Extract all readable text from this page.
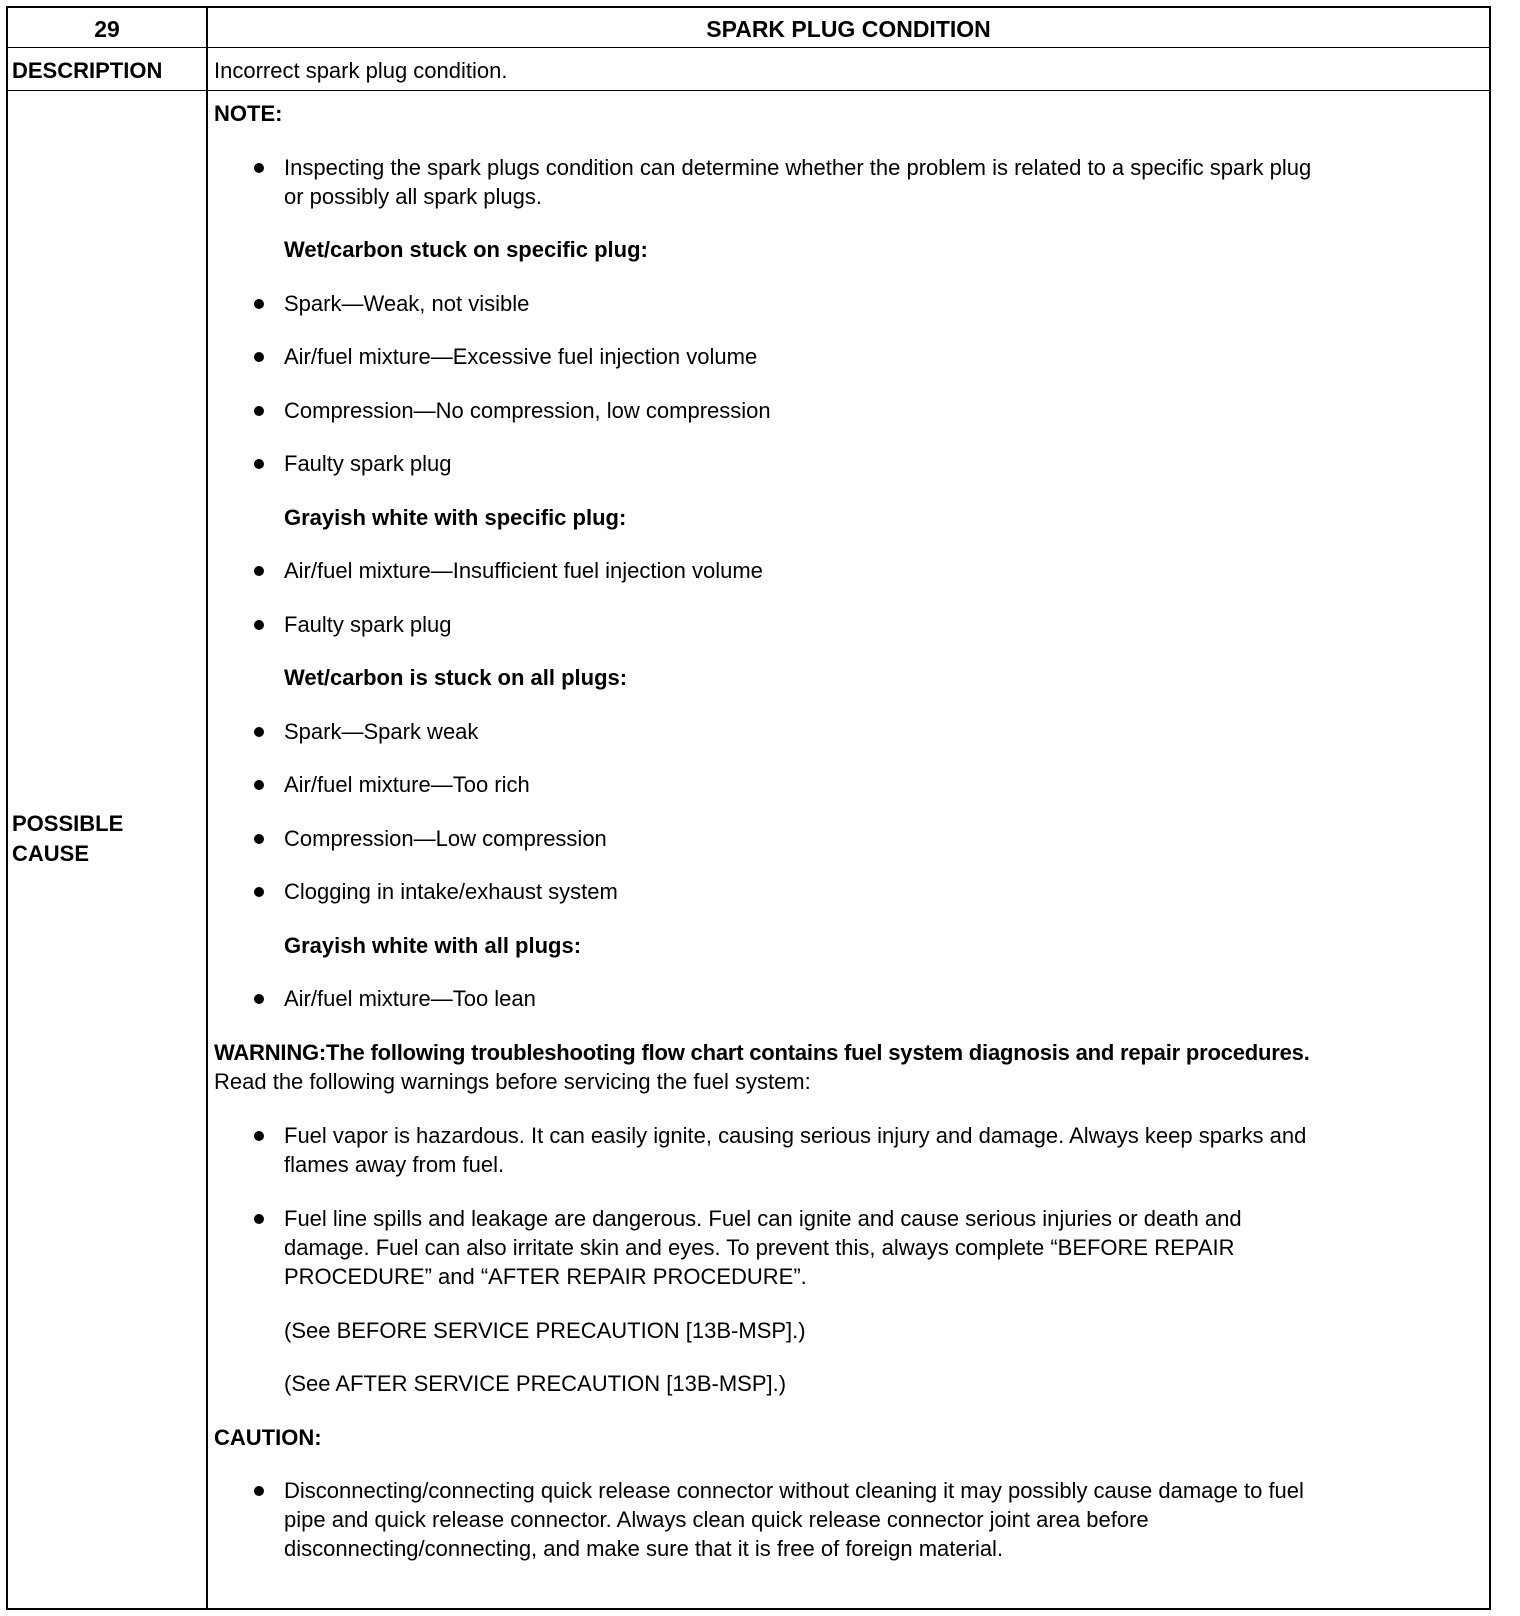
29	SPARK PLUG CONDITION
DESCRIPTION Incorrect spark plug condition.
POSSIBLE
CAUSE
NOTE:
Inspecting the spark plugs condition can determine whether the problem is related to a specific spark plug
or possibly all spark plugs.
Wet/carbon stuck on specific plug:
Spark—Weak, not visible
Air/fuel mixture—Excessive fuel injection volume
Compression—No compression, low compression
Faulty spark plug
Grayish white with specific plug:
Air/fuel mixture—Insufficient fuel injection volume
Faulty spark plug
Wet/carbon is stuck on all plugs:
Spark—Spark weak
Air/fuel mixture—Too rich
Compression—Low compression
Clogging in intake/exhaust system
Grayish white with all plugs:
Air/fuel mixture—Too lean
WARNING:The following troubleshooting flow chart contains fuel system diagnosis and repair procedures.
Read the following warnings before servicing the fuel system:
Fuel vapor is hazardous. It can easily ignite, causing serious injury and damage. Always keep sparks and
flames away from fuel.
Fuel line spills and leakage are dangerous. Fuel can ignite and cause serious injuries or death and
damage. Fuel can also irritate skin and eyes. To prevent this, always complete “BEFORE REPAIR
PROCEDURE” and “AFTER REPAIR PROCEDURE”.
(See BEFORE SERVICE PRECAUTION [13B-MSP].)
(See AFTER SERVICE PRECAUTION [13B-MSP].)
CAUTION:
Disconnecting/connecting quick release connector without cleaning it may possibly cause damage to fuel
pipe and quick release connector. Always clean quick release connector joint area before
disconnecting/connecting, and make sure that it is free of foreign material.
